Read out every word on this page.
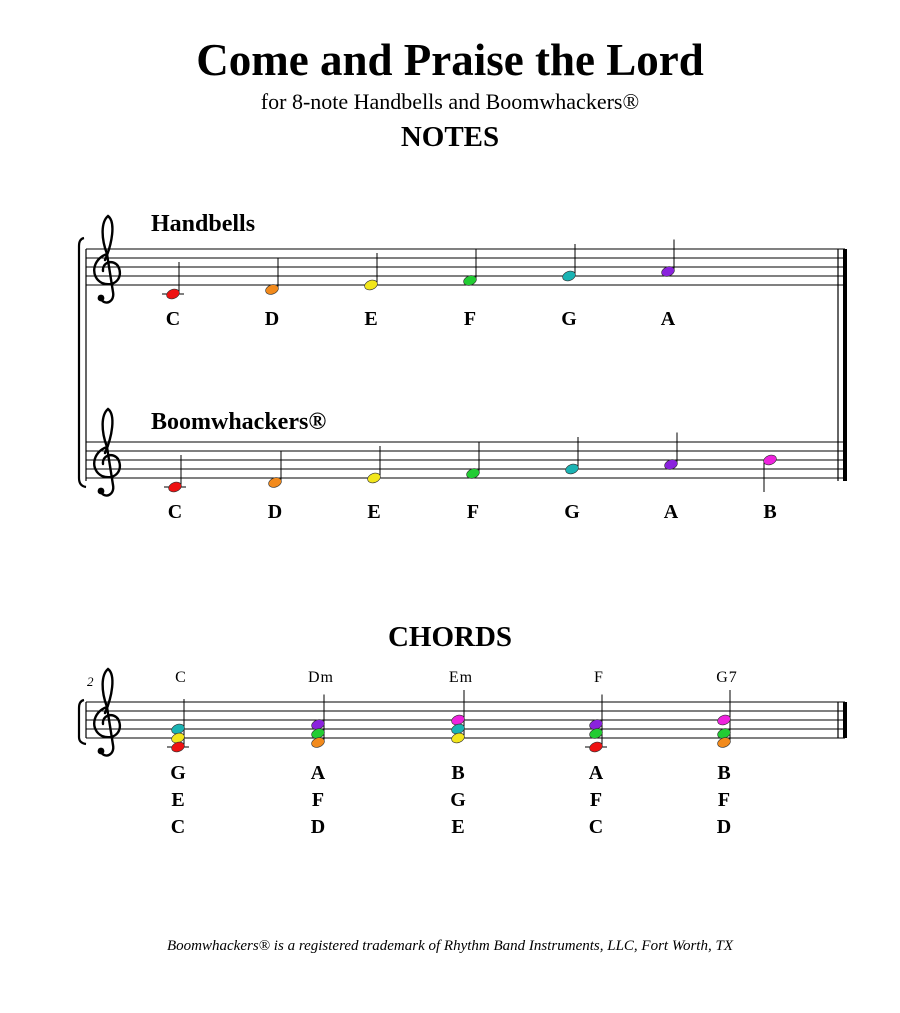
Come and Praise the Lord
for 8-note Handbells and Boomwhackers®
NOTES
CHORDS
Boomwhackers® is a registered trademark of Rhythm Band Instruments, LLC, Fort Worth, TX
Handbells
C	D	E	F	G	A
Boomwhackers®
C	D	E	F	G	A	B
2	C
G
E
C
Dm
A
F
D
Em
B
G
E
F
A
F
C
G7
B
F
D
